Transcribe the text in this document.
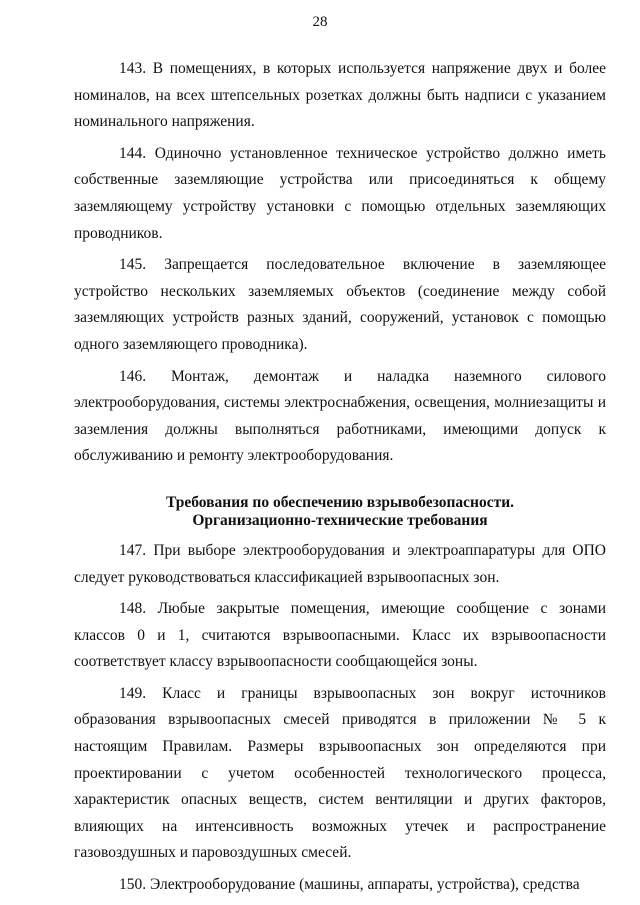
28

143. В помещениях, в которых используется напряжение двух и более номиналов, на всех штепсельных розетках должны быть надписи с указанием номинального напряжения.

144. Одиночно установленное техническое устройство должно иметь собственные заземляющие устройства или присоединяться к общему заземляющему устройству установки с помощью отдельных заземляющих проводников.

145. Запрещается последовательное включение в заземляющее устройство нескольких заземляемых объектов (соединение между собой заземляющих устройств разных зданий, сооружений, установок с помощью одного заземляющего проводника).

146. Монтаж, демонтаж и наладка наземного силового электрооборудования, системы электроснабжения, освещения, молниезащиты и заземления должны выполняться работниками, имеющими допуск к обслуживанию и ремонту электрооборудования.

Требования по обеспечению взрывобезопасности.
Организационно-технические требования

147. При выборе электрооборудования и электроаппаратуры для ОПО следует руководствоваться классификацией взрывоопасных зон.

148. Любые закрытые помещения, имеющие сообщение с зонами классов 0 и 1, считаются взрывоопасными. Класс их взрывоопасности соответствует классу взрывоопасности сообщающейся зоны.

149. Класс и границы взрывоопасных зон вокруг источников образования взрывоопасных смесей приводятся в приложении № 5 к настоящим Правилам. Размеры взрывоопасных зон определяются при проектировании с учетом особенностей технологического процесса, характеристик опасных веществ, систем вентиляции и других факторов, влияющих на интенсивность возможных утечек и распространение газовоздушных и паровоздушных смесей.

150. Электрооборудование (машины, аппараты, устройства), средства
